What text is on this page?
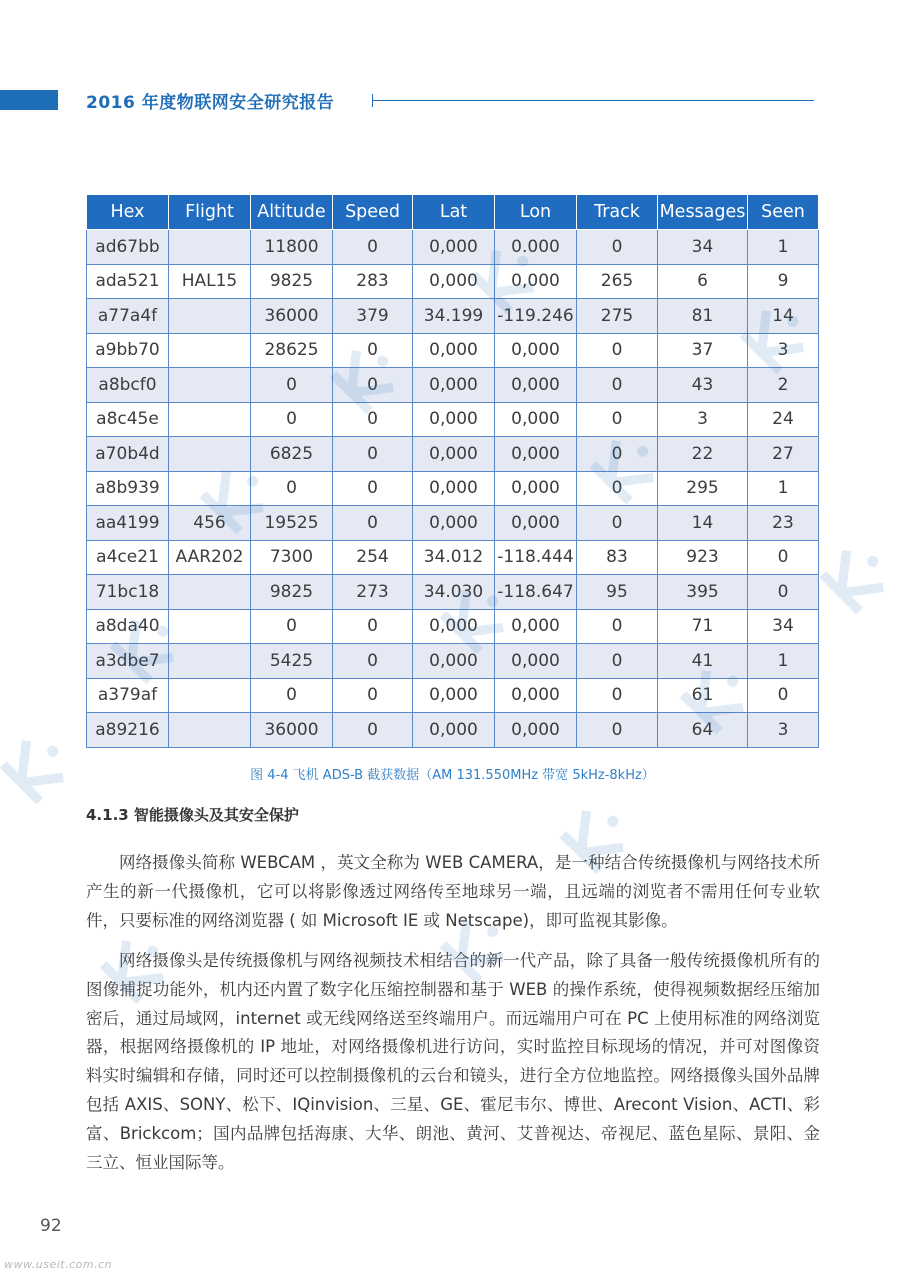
2016 年度物联网安全研究报告
Hex	Flight	Altitude	Speed	Lat	Lon	Track	Messages	Seen
ad67bb		11800	0	0,000	0.000	0	34	1
ada521	HAL15	9825	283	0,000	0,000	265	6	9
a77a4f		36000	379	34.199	-119.246	275	81	14
a9bb70		28625	0	0,000	0,000	0	37	3
a8bcf0		0	0	0,000	0,000	0	43	2
a8c45e		0	0	0,000	0,000	0	3	24
a70b4d		6825	0	0,000	0,000	0	22	27
a8b939		0	0	0,000	0,000	0	295	1
aa4199	456	19525	0	0,000	0,000	0	14	23
a4ce21	AAR202	7300	254	34.012	-118.444	83	923	0
71bc18		9825	273	34.030	-118.647	95	395	0
a8da40		0	0	0,000	0,000	0	71	34
a3dbe7		5425	0	0,000	0,000	0	41	1
a379af		0	0	0,000	0,000	0	61	0
a89216		36000	0	0,000	0,000	0	64	3
图 4-4 飞机 ADS-B 截获数据（AM 131.550MHz 带宽 5kHz-8kHz）
4.1.3 智能摄像头及其安全保护

网络摄像头简称 WEBCAM ，英文全称为 WEB CAMERA，是一种结合传统摄像机与网络技术所产生的新一代摄像机，它可以将影像透过网络传至地球另一端，且远端的浏览者不需用任何专业软件，只要标准的网络浏览器 ( 如 Microsoft IE 或 Netscape)，即可监视其影像。

网络摄像头是传统摄像机与网络视频技术相结合的新一代产品，除了具备一般传统摄像机所有的图像捕捉功能外，机内还内置了数字化压缩控制器和基于 WEB 的操作系统，使得视频数据经压缩加密后，通过局域网，internet 或无线网络送至终端用户。而远端用户可在 PC 上使用标准的网络浏览器，根据网络摄像机的 IP 地址，对网络摄像机进行访问，实时监控目标现场的情况，并可对图像资料实时编辑和存储，同时还可以控制摄像机的云台和镜头，进行全方位地监控。网络摄像头国外品牌包括 AXIS、SONY、松下、IQinvision、三星、GE、霍尼韦尔、博世、Arecont Vision、ACTI、彩富、Brickcom；国内品牌包括海康、大华、朗池、黄河、艾普视达、帝视尼、蓝色星际、景阳、金三立、恒业国际等。

92
www.useit.com.cn
